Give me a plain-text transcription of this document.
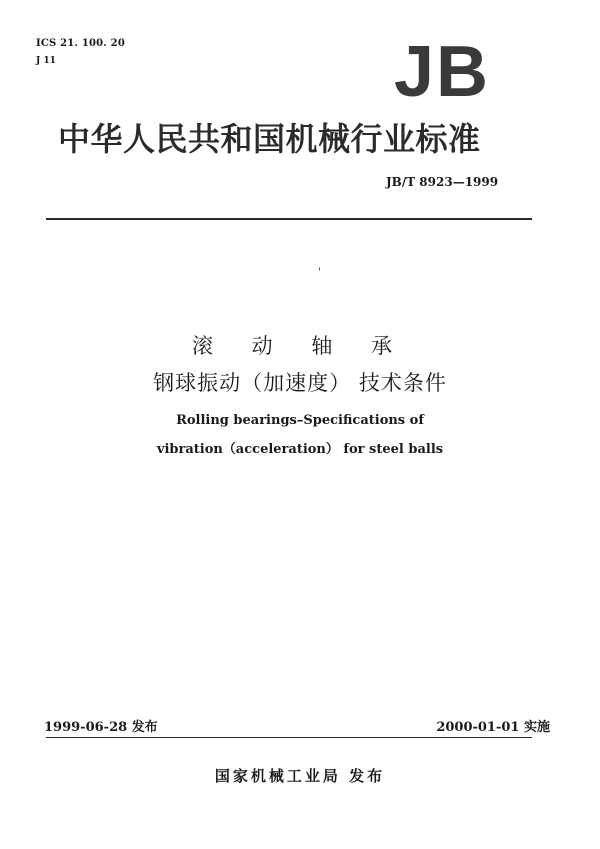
ICS 21. 100. 20
J 11	JB
中华人民共和国机械行业标准
JB/T 8923—1999
'
滚 动 轴 承
钢球振动（加速度） 技术条件
Rolling bearings–Specifications of
vibration（acceleration） for steel balls
1999-06-28 发布	2000-01-01 实施
国家机械工业局 发布
